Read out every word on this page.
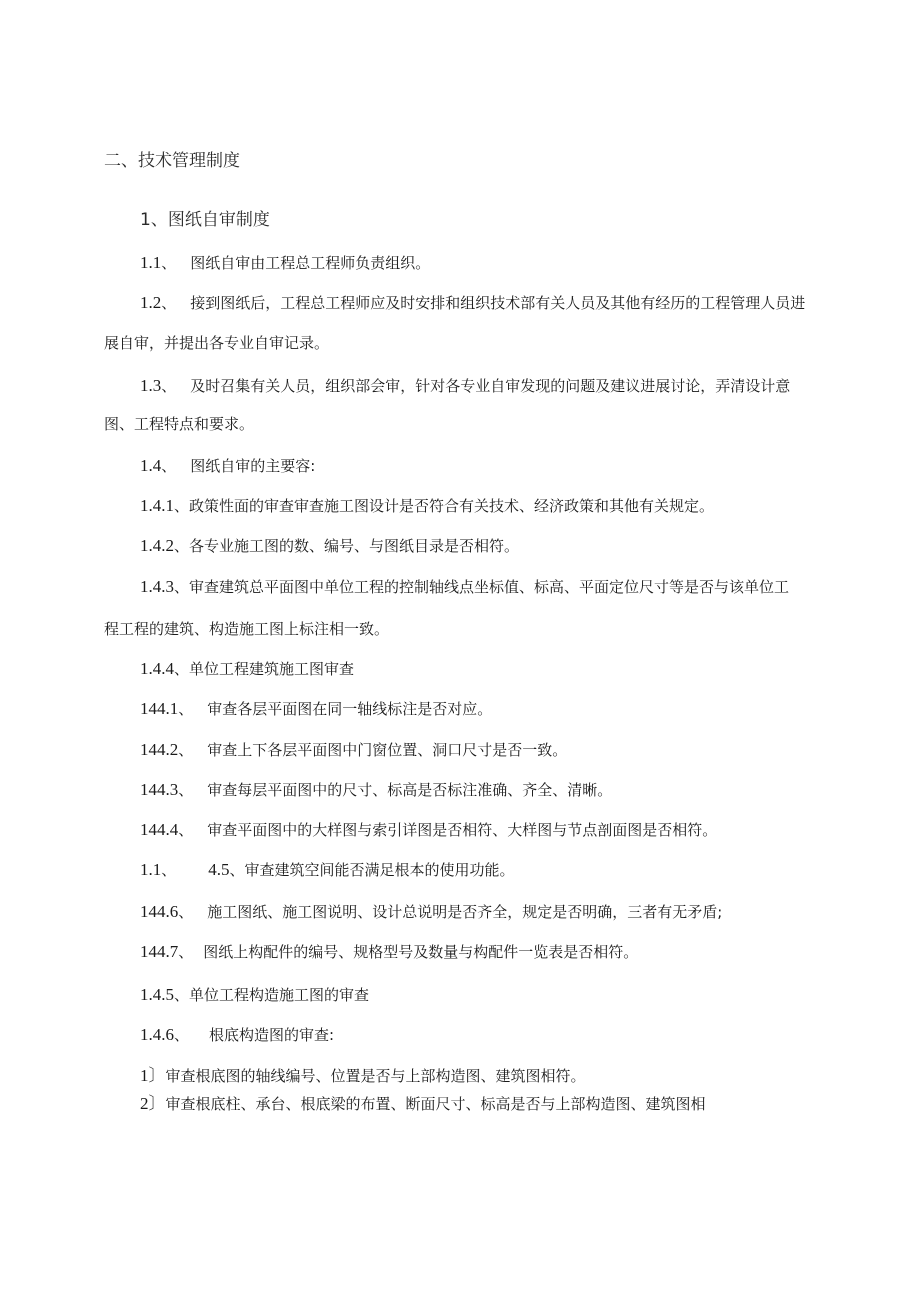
二、技术管理制度
1、图纸自审制度
1.1、 图纸自审由工程总工程师负责组织。
1.2、 接到图纸后，工程总工程师应及时安排和组织技术部有关人员及其他有经历的工程管理人员进
展自审，并提出各专业自审记录。
1.3、 及时召集有关人员，组织部会审，针对各专业自审发现的问题及建议进展讨论，弄清设计意
图、工程特点和要求。
1.4、 图纸自审的主要容:
1.4.1、政策性面的审查审查施工图设计是否符合有关技术、经济政策和其他有关规定。
1.4.2、各专业施工图的数、编号、与图纸目录是否相符。
1.4.3、审查建筑总平面图中单位工程的控制轴线点坐标值、标高、平面定位尺寸等是否与该单位工
程工程的建筑、构造施工图上标注相一致。
1.4.4、单位工程建筑施工图审查
144.1、 审查各层平面图在同一轴线标注是否对应。
144.2、 审查上下各层平面图中门窗位置、洞口尺寸是否一致。
144.3、 审查每层平面图中的尺寸、标高是否标注准确、齐全、清晰。
144.4、 审查平面图中的大样图与索引详图是否相符、大样图与节点剖面图是否相符。
1.1、 4.5、审查建筑空间能否满足根本的使用功能。
144.6、 施工图纸、施工图说明、设计总说明是否齐全，规定是否明确，三者有无矛盾;
144.7、 图纸上构配件的编号、规格型号及数量与构配件一览表是否相符。
1.4.5、单位工程构造施工图的审查
1.4.6、 根底构造图的审查:
1〕审查根底图的轴线编号、位置是否与上部构造图、建筑图相符。
2〕审查根底柱、承台、根底梁的布置、断面尺寸、标高是否与上部构造图、建筑图相
